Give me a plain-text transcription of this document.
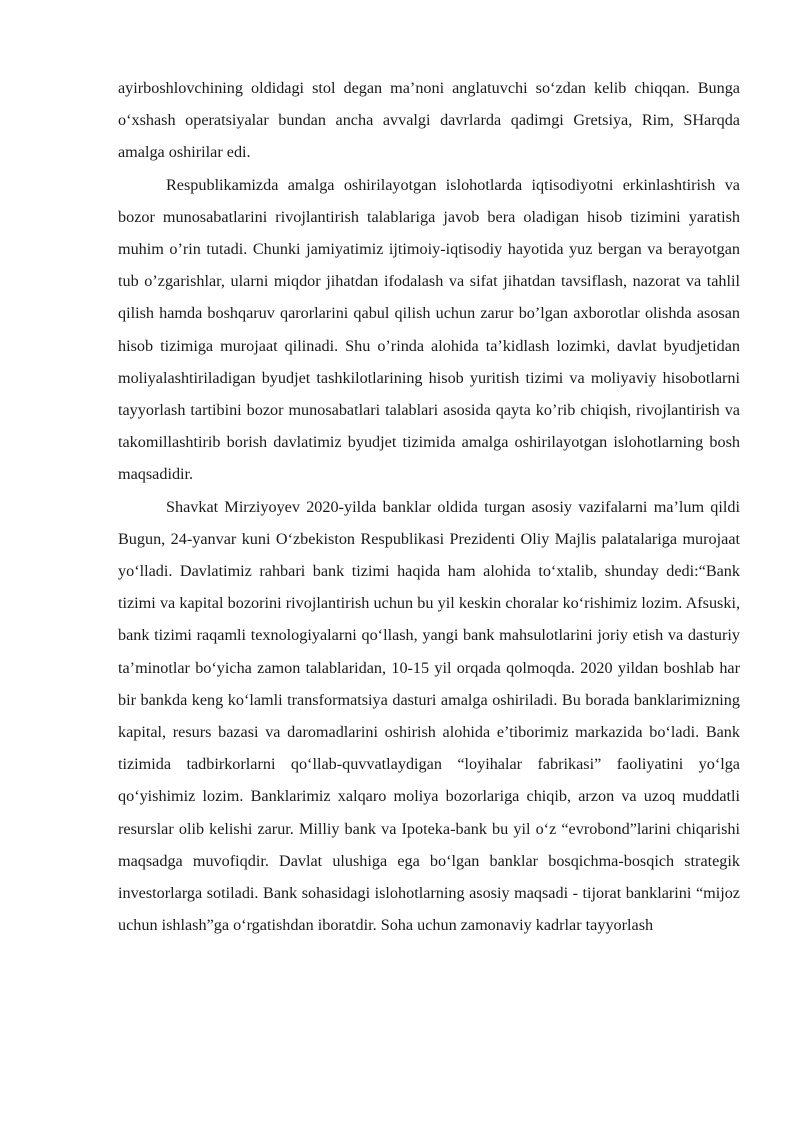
ayirboshlovchining oldidagi stol degan ma’noni anglatuvchi so‘zdan kelib chiqqan. Bunga o‘xshash operatsiyalar bundan ancha avvalgi davrlarda qadimgi Gretsiya, Rim, SHarqda amalga oshirilar edi.

Respublikamizda amalga oshirilayotgan islohotlarda iqtisodiyotni erkinlashtirish va bozor munosabatlarini rivojlantirish talablariga javob bera oladigan hisob tizimini yaratish muhim o’rin tutadi. Chunki jamiyatimiz ijtimoiy-iqtisodiy hayotida yuz bergan va berayotgan tub o’zgarishlar, ularni miqdor jihatdan ifodalash va sifat jihatdan tavsiflash, nazorat va tahlil qilish hamda boshqaruv qarorlarini qabul qilish uchun zarur bo’lgan axborotlar olishda asosan hisob tizimiga murojaat qilinadi. Shu o’rinda alohida ta’kidlash lozimki, davlat byudjetidan moliyalashtiriladigan byudjet tashkilotlarining hisob yuritish tizimi va moliyaviy hisobotlarni tayyorlash tartibini bozor munosabatlari talablari asosida qayta ko’rib chiqish, rivojlantirish va takomillashtirib borish davlatimiz byudjet tizimida amalga oshirilayotgan islohotlarning bosh maqsadidir.

Shavkat Mirziyoyev 2020-yilda banklar oldida turgan asosiy vazifalarni ma’lum qildi Bugun, 24-yanvar kuni O‘zbekiston Respublikasi Prezidenti Oliy Majlis palatalariga murojaat yo‘lladi. Davlatimiz rahbari bank tizimi haqida ham alohida to‘xtalib, shunday dedi:“Bank tizimi va kapital bozorini rivojlantirish uchun bu yil keskin choralar ko‘rishimiz lozim. Afsuski, bank tizimi raqamli texnologiyalarni qo‘llash, yangi bank mahsulotlarini joriy etish va dasturiy ta’minotlar bo‘yicha zamon talablaridan, 10-15 yil orqada qolmoqda. 2020 yildan boshlab har bir bankda keng ko‘lamli transformatsiya dasturi amalga oshiriladi. Bu borada banklarimizning kapital, resurs bazasi va daromadlarini oshirish alohida e’tiborimiz markazida bo‘ladi. Bank tizimida tadbirkorlarni qo‘llab-quvvatlaydigan “loyihalar fabrikasi” faoliyatini yo‘lga qo‘yishimiz lozim. Banklarimiz xalqaro moliya bozorlariga chiqib, arzon va uzoq muddatli resurslar olib kelishi zarur. Milliy bank va Ipoteka-bank bu yil o‘z “evrobond”larini chiqarishi maqsadga muvofiqdir. Davlat ulushiga ega bo‘lgan banklar bosqichma-bosqich strategik investorlarga sotiladi. Bank sohasidagi islohotlarning asosiy maqsadi - tijorat banklarini “mijoz uchun ishlash”ga o‘rgatishdan iboratdir. Soha uchun zamonaviy kadrlar tayyorlash
